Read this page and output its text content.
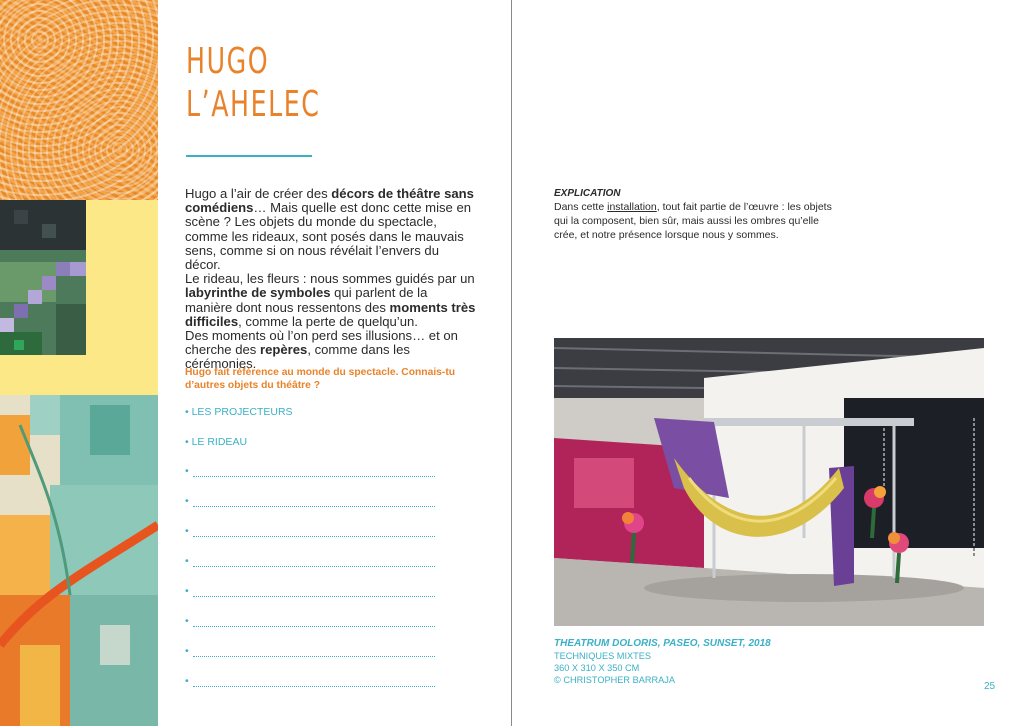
HUGO
L’AHELEC

Hugo a l’air de créer des décors de théâtre sans comédiens… Mais quelle est donc cette mise en scène ? Les objets du monde du spectacle, comme les rideaux, sont posés dans le mauvais sens, comme si on nous révélait l’envers du décor.

Le rideau, les fleurs : nous sommes guidés par un labyrinthe de symboles qui parlent de la manière dont nous ressentons des moments très difficiles, comme la perte de quelqu’un.

Des moments où l’on perd ses illusions… et on cherche des repères, comme dans les cérémonies.

Hugo fait référence au monde du spectacle. Connais-tu d’autres objets du théâtre ?
• LES PROJECTEURS
• LE RIDEAU
•
•
•
•
•
•
•
•
EXPLICATION
Dans cette installation, tout fait partie de l’œuvre : les objets qui la composent, bien sûr, mais aussi les ombres qu’elle crée, et notre présence lorsque nous y sommes.
THEATRUM DOLORIS, PASEO, SUNSET, 2018
TECHNIQUES MIXTES
360 X 310 X 350 CM
© CHRISTOPHER BARRAJA
25
